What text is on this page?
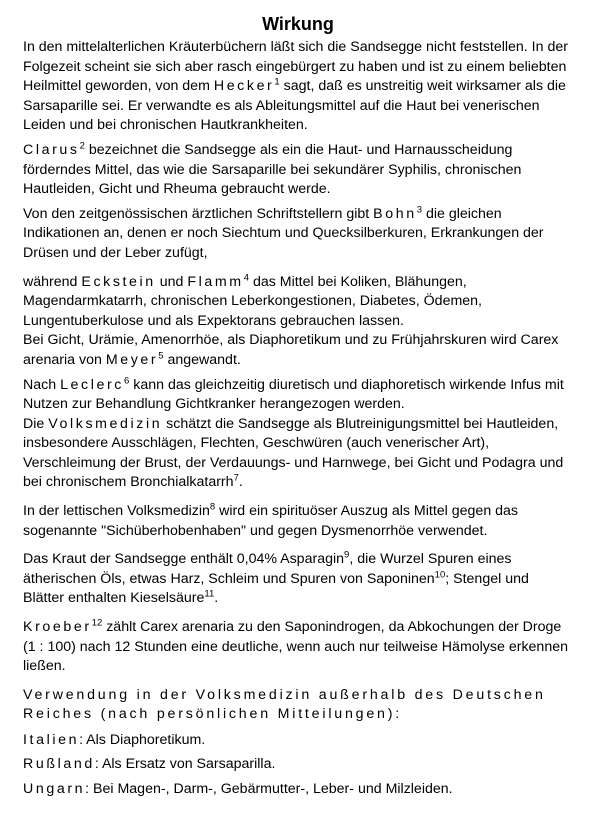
Wirkung

In den mittelalterlichen Kräuterbüchern läßt sich die Sandsegge nicht feststellen. In der Folgezeit scheint sie sich aber rasch eingebürgert zu haben und ist zu einem beliebten Heilmittel geworden, von dem Hecker$^1$ sagt, daß es unstreitig weit wirksamer als die Sarsaparille sei. Er verwandte es als Ableitungsmittel auf die Haut bei venerischen Leiden und bei chronischen Hautkrankheiten.

Clarus$^2$ bezeichnet die Sandsegge als ein die Haut- und Harnausscheidung förderndes Mittel, das wie die Sarsaparille bei sekundärer Syphilis, chronischen Hautleiden, Gicht und Rheuma gebraucht werde.

Von den zeitgenössischen ärztlichen Schriftstellern gibt Bohn$^3$ die gleichen Indikationen an, denen er noch Siechtum und Quecksilberkuren, Erkrankungen der Drüsen und der Leber zufügt,

während Eckstein und Flamm$^4$ das Mittel bei Koliken, Blähungen, Magendarmkatarrh, chronischen Leberkongestionen, Diabetes, Ödemen, Lungentuberkulose und als Expektorans gebrauchen lassen.

Bei Gicht, Urämie, Amenorrhöe, als Diaphoretikum und zu Frühjahrskuren wird Carex arenaria von Meyer$^5$ angewandt.

Nach Leclerc$^6$ kann das gleichzeitig diuretisch und diaphoretisch wirkende Infus mit Nutzen zur Behandlung Gichtkranker herangezogen werden.

Die Volksmedizin schätzt die Sandsegge als Blutreinigungsmittel bei Hautleiden, insbesondere Ausschlägen, Flechten, Geschwüren (auch venerischer Art), Verschleimung der Brust, der Verdauungs- und Harnwege, bei Gicht und Podagra und bei chronischem Bronchialkatarrh$^7$.

In der lettischen Volksmedizin$^8$ wird ein spirituöser Auszug als Mittel gegen das sogenannte "Sichüberhobenhaben" und gegen Dysmenorrhöe verwendet.

Das Kraut der Sandsegge enthält 0,04% Asparagin$^9$, die Wurzel Spuren eines ätherischen Öls, etwas Harz, Schleim und Spuren von Saponinen$^{10}$; Stengel und Blätter enthalten Kieselsäure$^{11}$.

Kroeber$^{12}$ zählt Carex arenaria zu den Saponindrogen, da Abkochungen der Droge (1 : 100) nach 12 Stunden eine deutliche, wenn auch nur teilweise Hämolyse erkennen ließen.

Verwendung in der Volksmedizin außerhalb des Deutschen Reiches (nach persönlichen Mitteilungen):

Italien: Als Diaphoretikum.

Rußland: Als Ersatz von Sarsaparilla.

Ungarn: Bei Magen-, Darm-, Gebärmutter-, Leber- und Milzleiden.
